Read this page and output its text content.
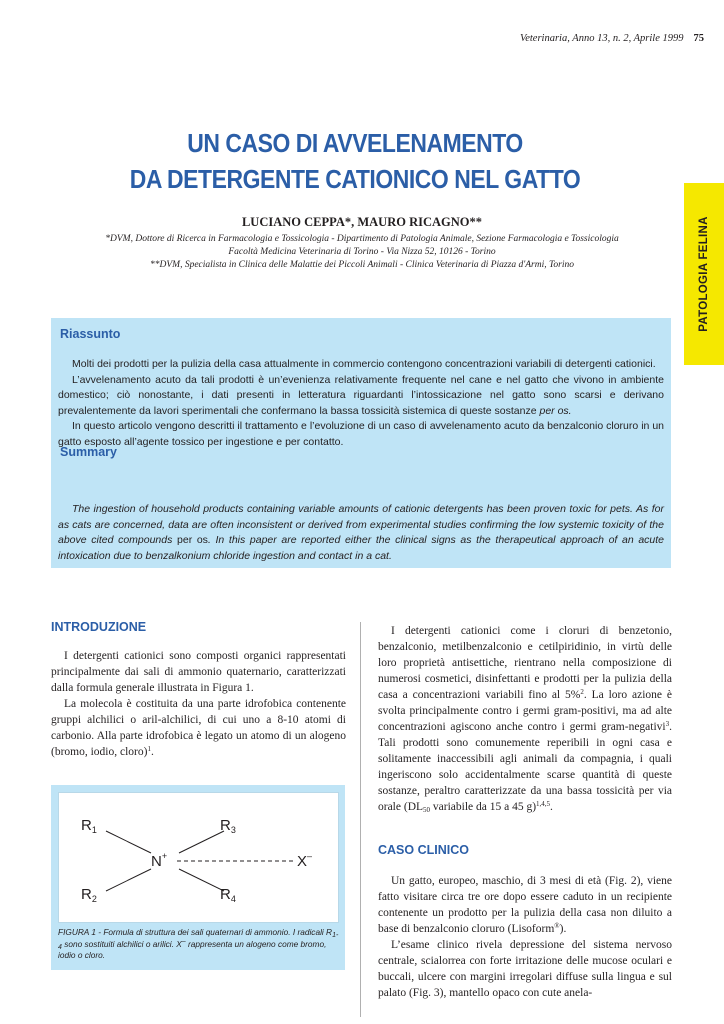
Veterinaria, Anno 13, n. 2, Aprile 1999 75
UN CASO DI AVVELENAMENTO
DA DETERGENTE CATIONICO NEL GATTO
LUCIANO CEPPA*, MAURO RICAGNO**
*DVM, Dottore di Ricerca in Farmacologia e Tossicologia - Dipartimento di Patologia Animale, Sezione Farmacologia e Tossicologia
Facoltà Medicina Veterinaria di Torino - Via Nizza 52, 10126 - Torino
**DVM, Specialista in Clinica delle Malattie dei Piccoli Animali - Clinica Veterinaria di Piazza d'Armi, Torino	PATOLOGIA FELINA
Riassunto

Molti dei prodotti per la pulizia della casa attualmente in commercio contengono concentrazioni variabili di detergenti cationici.

L’avvelenamento acuto da tali prodotti è un’evenienza relativamente frequente nel cane e nel gatto che vivono in ambiente domestico; ciò nonostante, i dati presenti in letteratura riguardanti l’intossicazione nel gatto sono scarsi e derivano prevalentemente da lavori sperimentali che confermano la bassa tossicità sistemica di queste sostanze per os.

In questo articolo vengono descritti il trattamento e l’evoluzione di un caso di avvelenamento acuto da benzalconio cloruro in un gatto esposto all’agente tossico per ingestione e per contatto.

Summary

The ingestion of household products containing variable amounts of cationic detergents has been proven toxic for pets. As for as cats are concerned, data are often inconsistent or derived from experimental studies confirming the low systemic toxicity of the above cited compounds per os. In this paper are reported either the clinical signs as the therapeutical approach of an acute intoxication due to benzalkonium chloride ingestion and contact in a cat.

INTRODUZIONE

I detergenti cationici sono composti organici rappresentati principalmente dai sali di ammonio quaternario, caratterizzati dalla formula generale illustrata in Figura 1.

La molecola è costituita da una parte idrofobica contenente gruppi alchilici o aril-alchilici, di cui uno a 8-10 atomi di carbonio. Alla parte idrofobica è legato un atomo di un alogeno (bromo, iodio, cloro)$^1$.

$R_1$
$R_2$
$R_3$
$R_4$
N+	X–
FIGURA 1 - Formula di struttura dei sali quaternari di ammonio. I radicali $R_{1-4}$ sono sostituiti alchilici o arilici. X– rappresenta un alogeno come bromo, iodio o cloro.

I detergenti cationici come i cloruri di benzetonio, benzalconio, metilbenzalconio e cetilpiridinio, in virtù delle loro proprietà antisettiche, rientrano nella composizione di numerosi cosmetici, disinfettanti e prodotti per la pulizia della casa a concentrazioni variabili fino al 5%$^2$. La loro azione è svolta principalmente contro i germi gram-positivi, ma ad alte concentrazioni agiscono anche contro i germi gram-negativi$^3$. Tali prodotti sono comunemente reperibili in ogni casa e solitamente inaccessibili agli animali da compagnia, i quali ingeriscono solo accidentalmente scarse quantità di queste sostanze, peraltro caratterizzate da una bassa tossicità per via orale ($DL_{50}$ variabile da 15 a 45 g)$^{1,4,5}$.

CASO CLINICO

Un gatto, europeo, maschio, di 3 mesi di età (Fig. 2), viene fatto visitare circa tre ore dopo essere caduto in un recipiente contenente un prodotto per la pulizia della casa non diluito a base di benzalconio cloruro (Lisoform®).

L’esame clinico rivela depressione del sistema nervoso centrale, scialorrea con forte irritazione delle mucose oculari e buccali, ulcere con margini irregolari diffuse sulla lingua e sul palato (Fig. 3), mantello opaco con cute anela-
